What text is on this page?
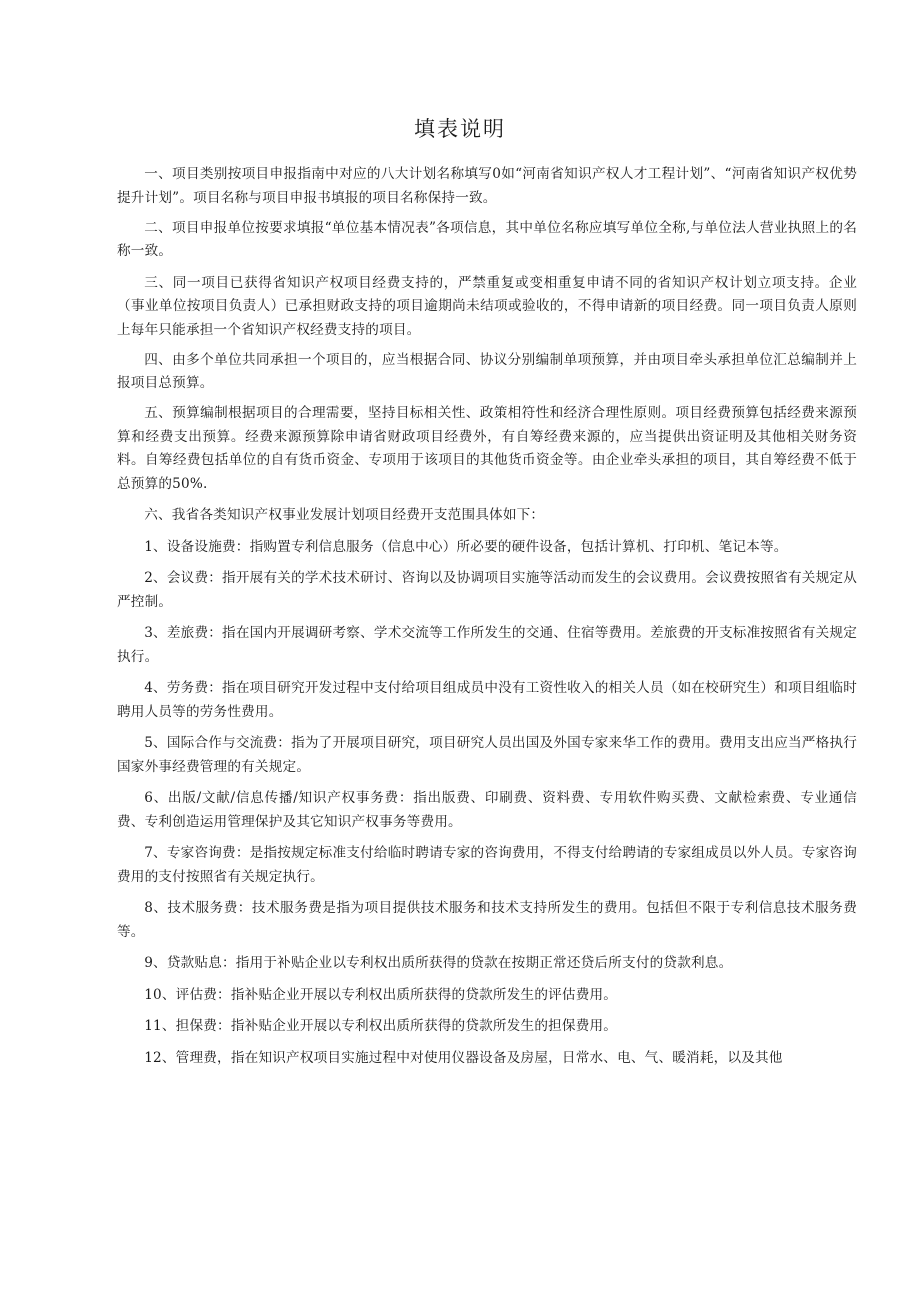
填表说明

一、项目类别按项目申报指南中对应的八大计划名称填写0如“河南省知识产权人才工程计划”、“河南省知识产权优势提升计划”。项目名称与项目申报书填报的项目名称保持一致。

二、项目申报单位按要求填报“单位基本情况表”各项信息，其中单位名称应填写单位全称,与单位法人营业执照上的名称一致。

三、同一项目已获得省知识产权项目经费支持的，严禁重复或变相重复申请不同的省知识产权计划立项支持。企业（事业单位按项目负责人）已承担财政支持的项目逾期尚未结项或验收的，不得申请新的项目经费。同一项目负责人原则上每年只能承担一个省知识产权经费支持的项目。

四、由多个单位共同承担一个项目的，应当根据合同、协议分别编制单项预算，并由项目牵头承担单位汇总编制并上报项目总预算。

五、预算编制根据项目的合理需要，坚持目标相关性、政策相符性和经济合理性原则。项目经费预算包括经费来源预算和经费支出预算。经费来源预算除申请省财政项目经费外，有自筹经费来源的，应当提供出资证明及其他相关财务资料。自筹经费包括单位的自有货币资金、专项用于该项目的其他货币资金等。由企业牵头承担的项目，其自筹经费不低于总预算的50%.

六、我省各类知识产权事业发展计划项目经费开支范围具体如下：

1、设备设施费：指购置专利信息服务（信息中心）所必要的硬件设备，包括计算机、打印机、笔记本等。

2、会议费：指开展有关的学术技术研讨、咨询以及协调项目实施等活动而发生的会议费用。会议费按照省有关规定从严控制。

3、差旅费：指在国内开展调研考察、学术交流等工作所发生的交通、住宿等费用。差旅费的开支标准按照省有关规定执行。

4、劳务费：指在项目研究开发过程中支付给项目组成员中没有工资性收入的相关人员（如在校研究生）和项目组临时聘用人员等的劳务性费用。

5、国际合作与交流费：指为了开展项目研究，项目研究人员出国及外国专家来华工作的费用。费用支出应当严格执行国家外事经费管理的有关规定。

6、出版/文献/信息传播/知识产权事务费：指出版费、印刷费、资料费、专用软件购买费、文献检索费、专业通信费、专利创造运用管理保护及其它知识产权事务等费用。

7、专家咨询费：是指按规定标准支付给临时聘请专家的咨询费用，不得支付给聘请的专家组成员以外人员。专家咨询费用的支付按照省有关规定执行。

8、技术服务费：技术服务费是指为项目提供技术服务和技术支持所发生的费用。包括但不限于专利信息技术服务费等。

9、贷款贴息：指用于补贴企业以专利权出质所获得的贷款在按期正常还贷后所支付的贷款利息。

10、评估费：指补贴企业开展以专利权出质所获得的贷款所发生的评估费用。

11、担保费：指补贴企业开展以专利权出质所获得的贷款所发生的担保费用。

12、管理费，指在知识产权项目实施过程中对使用仪器设备及房屋，日常水、电、气、暖消耗，以及其他
